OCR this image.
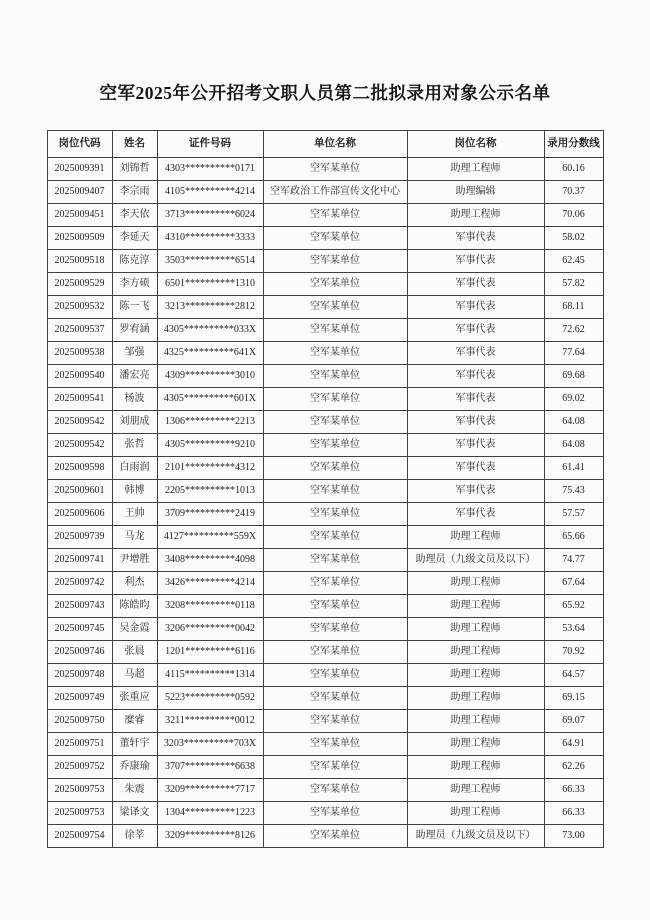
空军2025年公开招考文职人员第二批拟录用对象公示名单
岗位代码	姓名	证件号码	单位名称	岗位名称	录用分数线
2025009391	刘锦哲	4303**********0171	空军某单位	助理工程师	60.16
2025009407	李宗雨	4105**********4214	空军政治工作部宣传文化中心	助理编辑	70.37
2025009451	李天依	3713**********6024	空军某单位	助理工程师	70.06
2025009509	李延天	4310**********3333	空军某单位	军事代表	58.02
2025009518	陈克淳	3503**********6514	空军某单位	军事代表	62.45
2025009529	李方硕	6501**********1310	空军某单位	军事代表	57.82
2025009532	陈一飞	3213**********2812	空军某单位	军事代表	68.11
2025009537	罗宥涵	4305**********033X	空军某单位	军事代表	72.62
2025009538	邹强	4325**********641X	空军某单位	军事代表	77.64
2025009540	潘宏亮	4309**********3010	空军某单位	军事代表	69.68
2025009541	杨波	4305**********601X	空军某单位	军事代表	69.02
2025009542	刘朋成	1306**********2213	空军某单位	军事代表	64.08
2025009542	张哲	4305**********9210	空军某单位	军事代表	64.08
2025009598	白雨润	2101**********4312	空军某单位	军事代表	61.41
2025009601	韩博	2205**********1013	空军某单位	军事代表	75.43
2025009606	王帅	3709**********2419	空军某单位	军事代表	57.57
2025009739	马龙	4127**********559X	空军某单位	助理工程师	65.66
2025009741	尹增胜	3408**********4098	空军某单位	助理员（九级文员及以下）	74.77
2025009742	利杰	3426**********4214	空军某单位	助理工程师	67.64
2025009743	陈皓昀	3208**********0118	空军某单位	助理工程师	65.92
2025009745	吴金霞	3206**********0042	空军某单位	助理工程师	53.64
2025009746	张晨	1201**********6116	空军某单位	助理工程师	70.92
2025009748	马超	4115**********1314	空军某单位	助理工程师	64.57
2025009749	张重应	5223**********0592	空军某单位	助理工程师	69.15
2025009750	糜睿	3211**********0012	空军某单位	助理工程师	69.07
2025009751	董轩宇	3203**********703X	空军某单位	助理工程师	64.91
2025009752	乔康瑜	3707**********6638	空军某单位	助理工程师	62.26
2025009753	朱震	3209**********7717	空军某单位	助理工程师	66.33
2025009753	梁译文	1304**********1223	空军某单位	助理工程师	66.33
2025009754	徐莘	3209**********8126	空军某单位	助理员（九级文员及以下）	73.00
